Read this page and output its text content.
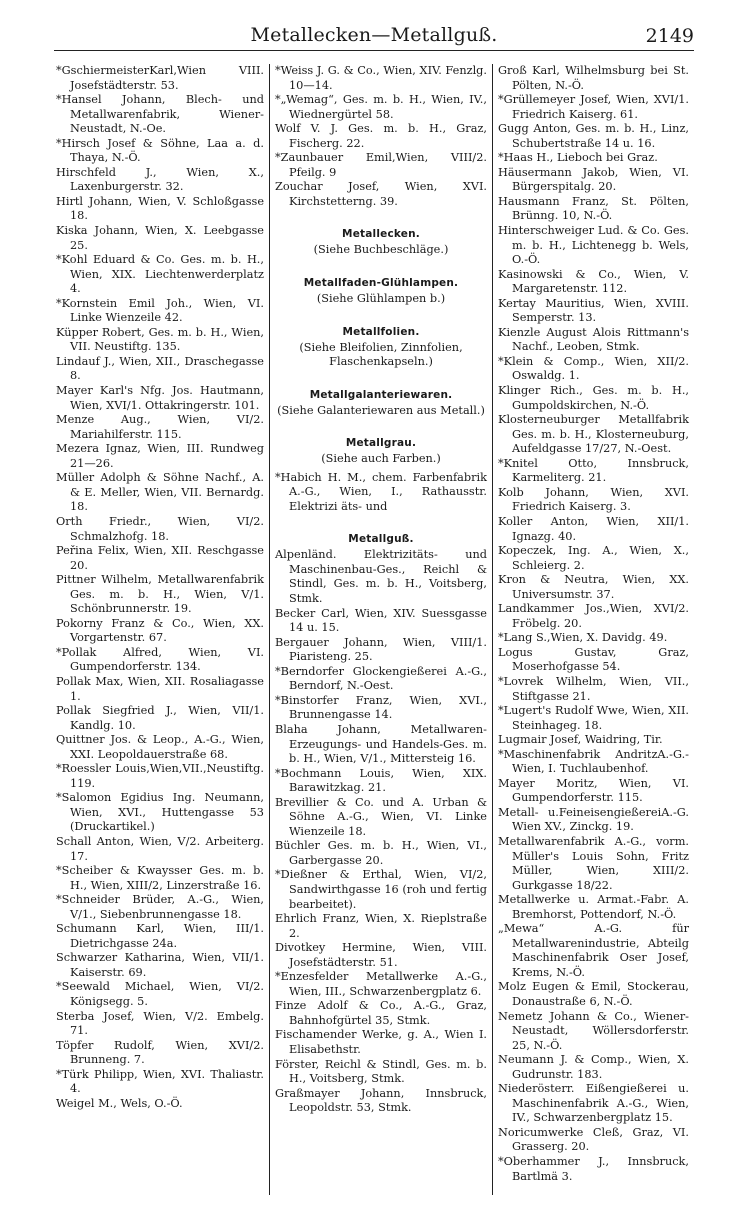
Metallecken—Metallguß.	2149

*GschiermeisterKarl,Wien VIII. Josefstädterstr. 53.

*Hansel Johann, Blech- und Metallwarenfabrik, Wiener-Neustadt, N.-Oe.

*Hirsch Josef & Söhne, Laa a. d. Thaya, N.-Ö.

Hirschfeld J., Wien, X., Laxenburgerstr. 32.

Hirtl Johann, Wien, V. Schloßgasse 18.

Kiska Johann, Wien, X. Leebgasse 25.

*Kohl Eduard & Co. Ges. m. b. H., Wien, XIX. Liechtenwerderplatz 4.

*Kornstein Emil Joh., Wien, VI. Linke Wienzeile 42.

Küpper Robert, Ges. m. b. H., Wien, VII. Neustiftg. 135.

Lindauf J., Wien, XII., Draschegasse 8.

Mayer Karl's Nfg. Jos. Hautmann, Wien, XVI/1. Ottakringerstr. 101.

Menze Aug., Wien, VI/2. Mariahilferstr. 115.

Mezera Ignaz, Wien, III. Rundweg 21—26.

Müller Adolph & Söhne Nachf., A. & E. Meller, Wien, VII. Bernardg. 18.

Orth Friedr., Wien, VI/2. Schmalzhofg. 18.

Peřina Felix, Wien, XII. Reschgasse 20.

Pittner Wilhelm, Metallwarenfabrik Ges. m. b. H., Wien, V/1. Schönbrunnerstr. 19.

Pokorny Franz & Co., Wien, XX. Vorgartenstr. 67.

*Pollak Alfred, Wien, VI. Gumpendorferstr. 134.

Pollak Max, Wien, XII. Rosaliagasse 1.

Pollak Siegfried J., Wien, VII/1. Kandlg. 10.

Quittner Jos. & Leop., A.-G., Wien, XXI. Leopoldauerstraße 68.

*Roessler Louis,Wien,VII.,Neustiftg. 119.

*Salomon Egidius Ing. Neumann, Wien, XVI., Huttengasse 53 (Druckartikel.)

Schall Anton, Wien, V/2. Arbeiterg. 17.

*Scheiber & Kwaysser Ges. m. b. H., Wien, XIII/2, Linzerstraße 16.

*Schneider Brüder, A.-G., Wien, V/1., Siebenbrunnengasse 18.

Schumann Karl, Wien, III/1. Dietrichgasse 24a.

Schwarzer Katharina, Wien, VII/1. Kaiserstr. 69.

*Seewald Michael, Wien, VI/2. Königsegg. 5.

Sterba Josef, Wien, V/2. Embelg. 71.

Töpfer Rudolf, Wien, XVI/2. Brunneng. 7.

*Türk Philipp, Wien, XVI. Thaliastr. 4.

Weigel M., Wels, O.-Ö.

*Weiss J. G. & Co., Wien, XIV. Fenzlg. 10—14.

*„Wemag“, Ges. m. b. H., Wien, IV., Wiednergürtel 58.

Wolf V. J. Ges. m. b. H., Graz, Fischerg. 22.

*Zaunbauer Emil,Wien, VIII/2. Pfeilg. 9

Zouchar Josef, Wien, XVI. Kirchstetterng. 39.

Metallecken.

(Siehe Buchbeschläge.)

Metallfaden-Glühlampen.

(Siehe Glühlampen b.)

Metallfolien.

(Siehe Bleifolien, Zinnfolien, Flaschenkapseln.)

Metallgalanteriewaren.

(Siehe Galanteriewaren aus Metall.)

Metallgrau.

(Siehe auch Farben.)

*Habich H. M., chem. Farbenfabrik A.-G., Wien, I., Rathausstr. Elektrizi äts- und

Metallguß.

Alpenländ. Elektrizitäts- und Maschinenbau-Ges., Reichl & Stindl, Ges. m. b. H., Voitsberg, Stmk.

Becker Carl, Wien, XIV. Suessgasse 14 u. 15.

Bergauer Johann, Wien, VIII/1. Piaristeng. 25.

*Berndorfer Glockengießerei A.-G., Berndorf, N.-Oest.

*Binstorfer Franz, Wien, XVI., Brunnengasse 14.

Blaha Johann, Metallwaren-Erzeugungs- und Handels-Ges. m. b. H., Wien, V/1., Mittersteig 16.

*Bochmann Louis, Wien, XIX. Barawitzkag. 21.

Brevillier & Co. und A. Urban & Söhne A.-G., Wien, VI. Linke Wienzeile 18.

Büchler Ges. m. b. H., Wien, VI., Garbergasse 20.

*Dießner & Erthal, Wien, VI/2, Sandwirthgasse 16 (roh und fertig bearbeitet).

Ehrlich Franz, Wien, X. Rieplstraße 2.

Divotkey Hermine, Wien, VIII. Josefstädterstr. 51.

*Enzesfelder Metallwerke A.-G., Wien, III., Schwarzenbergplatz 6.

Finze Adolf & Co., A.-G., Graz, Bahnhofgürtel 35, Stmk.

Fischamender Werke, g. A., Wien I. Elisabethstr.

Förster, Reichl & Stindl, Ges. m. b. H., Voitsberg, Stmk.

Graßmayer Johann, Innsbruck, Leopoldstr. 53, Stmk.

Groß Karl, Wilhelmsburg bei St. Pölten, N.-Ö.

*Grüllemeyer Josef, Wien, XVI/1. Friedrich Kaiserg. 61.

Gugg Anton, Ges. m. b. H., Linz, Schubertstraße 14 u. 16.

*Haas H., Lieboch bei Graz.

Häusermann Jakob, Wien, VI. Bürgerspitalg. 20.

Hausmann Franz, St. Pölten, Brünng. 10, N.-Ö.

Hinterschweiger Lud. & Co. Ges. m. b. H., Lichtenegg b. Wels, O.-Ö.

Kasinowski & Co., Wien, V. Margaretenstr. 112.

Kertay Mauritius, Wien, XVIII. Semperstr. 13.

Kienzle August Alois Rittmann's Nachf., Leoben, Stmk.

*Klein & Comp., Wien, XII/2. Oswaldg. 1.

Klinger Rich., Ges. m. b. H., Gumpoldskirchen, N.-Ö.

Klosterneuburger Metallfabrik Ges. m. b. H., Klosterneuburg, Aufeldgasse 17/27, N.-Oest.

*Knitel Otto, Innsbruck, Karmeliterg. 21.

Kolb Johann, Wien, XVI. Friedrich Kaiserg. 3.

Koller Anton, Wien, XII/1. Ignazg. 40.

Kopeczek, Ing. A., Wien, X., Schleierg. 2.

Kron & Neutra, Wien, XX. Universumstr. 37.

Landkammer Jos.,Wien, XVI/2. Fröbelg. 20.

*Lang S.,Wien, X. Davidg. 49.

Logus Gustav, Graz, Moserhofgasse 54.

*Lovrek Wilhelm, Wien, VII., Stiftgasse 21.

*Lugert's Rudolf Wwe, Wien, XII. Steinhageg. 18.

Lugmair Josef, Waidring, Tir.

*Maschinenfabrik AndritzA.-G.-Wien, I. Tuchlaubenhof.

Mayer Moritz, Wien, VI. Gumpendorferstr. 115.

Metall- u.FeineisengießereiA.-G. Wien XV., Zinckg. 19.

Metallwarenfabrik A.-G., vorm. Müller's Louis Sohn, Fritz Müller, Wien, XIII/2. Gurkgasse 18/22.

Metallwerke u. Armat.-Fabr. A. Bremhorst, Pottendorf, N.-Ö.

„Mewa“ A.-G. für Metallwarenindustrie, Abteilg Maschinenfabrik Oser Josef, Krems, N.-Ö.

Molz Eugen & Emil, Stockerau, Donaustraße 6, N.-Ö.

Nemetz Johann & Co., Wiener-Neustadt, Wöllersdorferstr. 25, N.-Ö.

Neumann J. & Comp., Wien, X. Gudrunstr. 183.

Niederösterr. Eißengießerei u. Maschinenfabrik A.-G., Wien, IV., Schwarzenbergplatz 15.

Noricumwerke Cleß, Graz, VI. Grasserg. 20.

*Oberhammer J., Innsbruck, Bartlmä 3.
